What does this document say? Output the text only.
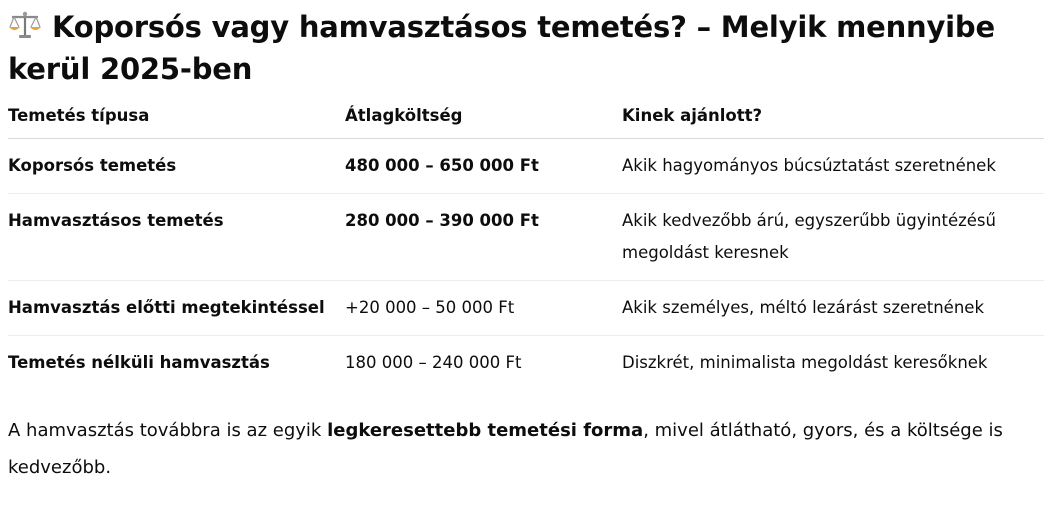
Koporsós vagy hamvasztásos temetés? – Melyik mennyibe kerül 2025-ben
Temetés típusa	Átlagköltség	Kinek ajánlott?

Koporsós temetés	480 000 – 650 000 Ft	Akik hagyományos búcsúztatást szeretnének

Hamvasztásos temetés	280 000 – 390 000 Ft	Akik kedvezőbb árú, egyszerűbb ügyintézésű megoldást keresnek

Hamvasztás előtti megtekintéssel	+20 000 – 50 000 Ft	Akik személyes, méltó lezárást szeretnének

Temetés nélküli hamvasztás	180 000 – 240 000 Ft	Diszkrét, minimalista megoldást keresőknek

A hamvasztás továbbra is az egyik legkeresettebb temetési forma, mivel átlátható, gyors, és a költsége is kedvezőbb.
